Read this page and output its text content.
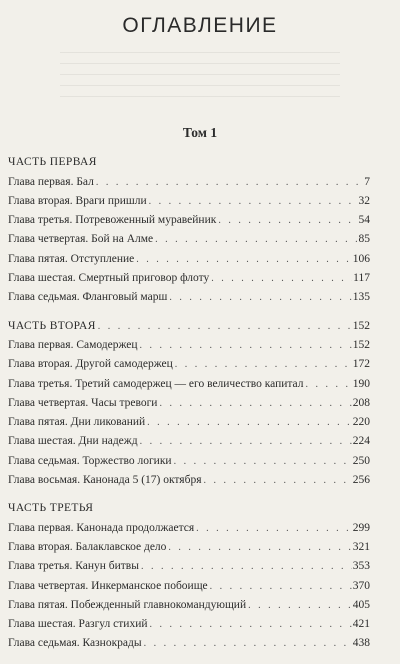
ОГЛАВЛЕНИЕ
Том 1
ЧАСТЬ ПЕРВАЯ
Глава первая. Бал . . .	7
Глава вторая. Враги пришли . . .	32
Глава третья. Потревоженный муравейник . . .	54
Глава четвертая. Бой на Алме . . .	85
Глава пятая. Отступление . . .	106
Глава шестая. Смертный приговор флоту . . .	117
Глава седьмая. Фланговый марш . . .	135
ЧАСТЬ ВТОРАЯ . . .	152
Глава первая. Самодержец . . .	152
Глава вторая. Другой самодержец . . .	172
Глава третья. Третий самодержец — его величество капитал . . .	190
Глава четвертая. Часы тревоги . . .	208
Глава пятая. Дни ликований . . .	220
Глава шестая. Дни надежд . . .	224
Глава седьмая. Торжество логики . . .	250
Глава восьмая. Канонада 5 (17) октября . . .	256
ЧАСТЬ ТРЕТЬЯ
Глава первая. Канонада продолжается . . .	299
Глава вторая. Балаклавское дело . . .	321
Глава третья. Канун битвы . . .	353
Глава четвертая. Инкерманское побоище . . .	370
Глава пятая. Побежденный главнокомандующий . . .	405
Глава шестая. Разгул стихий . . .	421
Глава седьмая. Казнокрады . . .	438
